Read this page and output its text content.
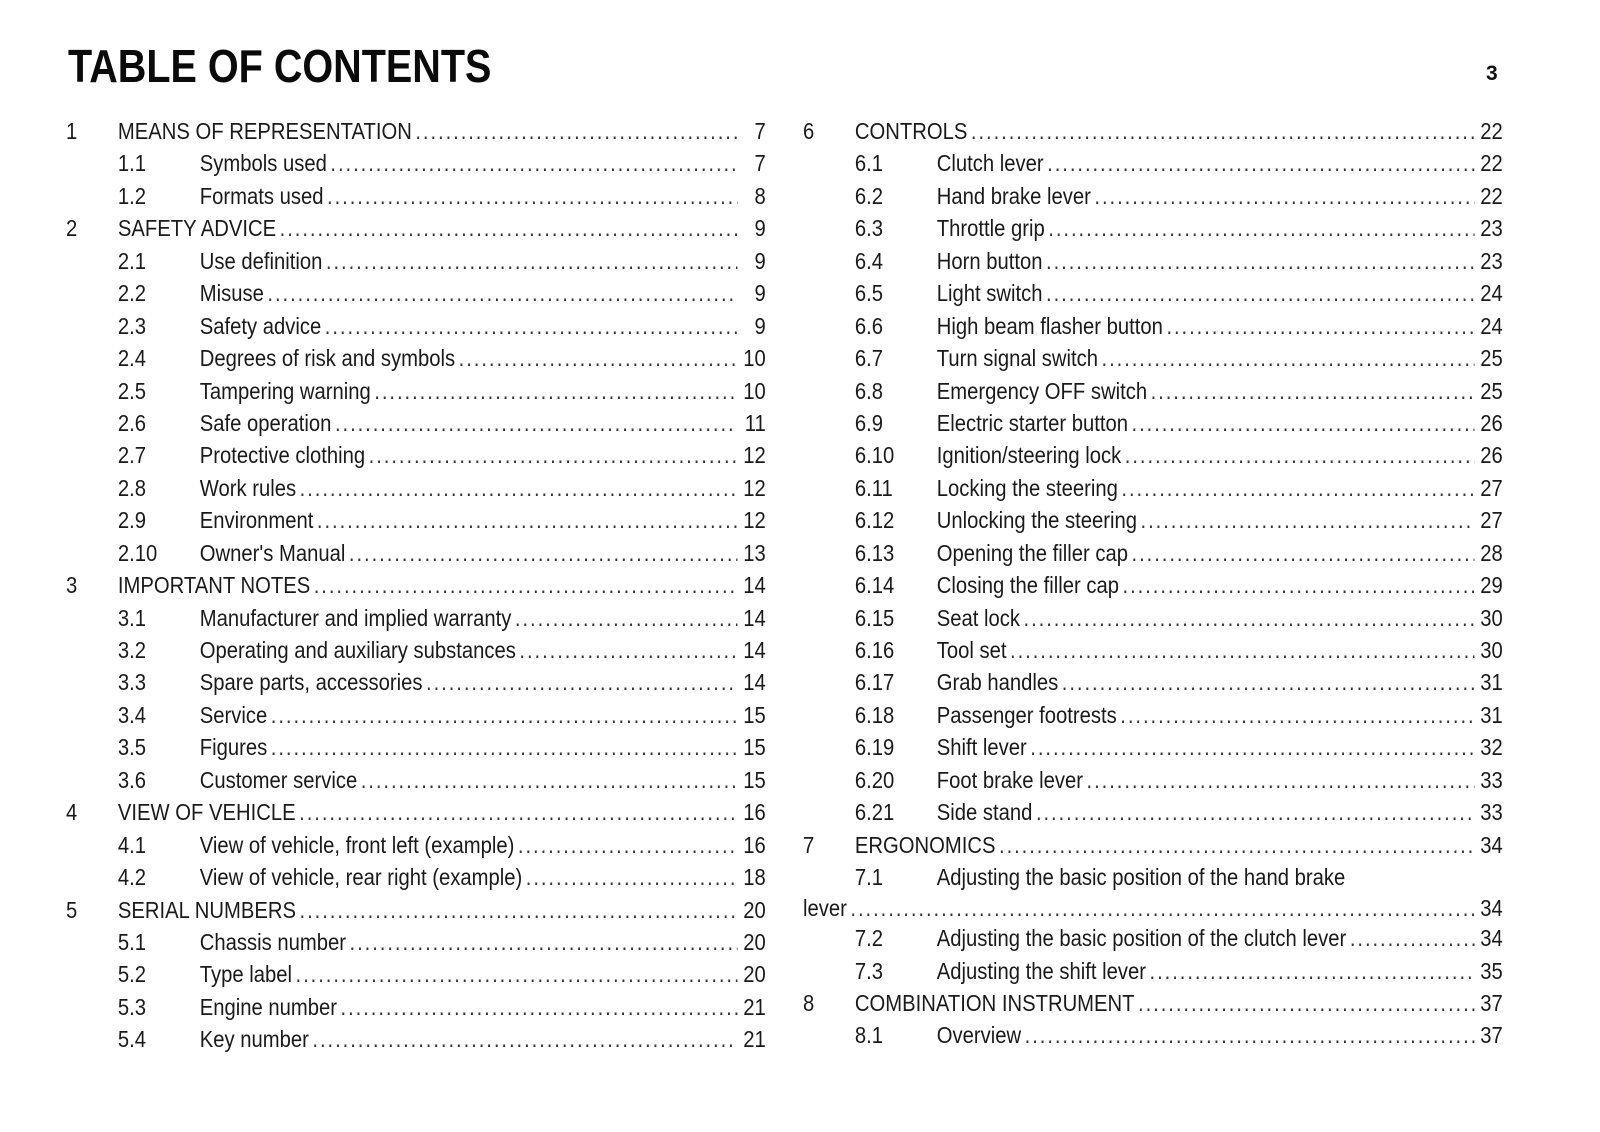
TABLE OF CONTENTS	3
1	MEANS OF REPRESENTATION .....	7
1.1	Symbols used .....	7
1.2	Formats used .....	8
2	SAFETY ADVICE .....	9
2.1	Use definition .....	9
2.2	Misuse .....	9
2.3	Safety advice .....	9
2.4	Degrees of risk and symbols .....	10
2.5	Tampering warning .....	10
2.6	Safe operation .....	11
2.7	Protective clothing .....	12
2.8	Work rules .....	12
2.9	Environment .....	12
2.10	Owner's Manual .....	13
3	IMPORTANT NOTES .....	14
3.1	Manufacturer and implied warranty .....	14
3.2	Operating and auxiliary substances .....	14
3.3	Spare parts, accessories .....	14
3.4	Service .....	15
3.5	Figures .....	15
3.6	Customer service .....	15
4	VIEW OF VEHICLE .....	16
4.1	View of vehicle, front left (example) .....	16
4.2	View of vehicle, rear right (example) .....	18
5	SERIAL NUMBERS .....	20
5.1	Chassis number .....	20
5.2	Type label .....	20
5.3	Engine number .....	21
5.4	Key number .....	21
6	CONTROLS .....	22
6.1	Clutch lever .....	22
6.2	Hand brake lever .....	22
6.3	Throttle grip .....	23
6.4	Horn button .....	23
6.5	Light switch .....	24
6.6	High beam flasher button .....	24
6.7	Turn signal switch .....	25
6.8	Emergency OFF switch .....	25
6.9	Electric starter button .....	26
6.10	Ignition/steering lock .....	26
6.11	Locking the steering .....	27
6.12	Unlocking the steering .....	27
6.13	Opening the filler cap .....	28
6.14	Closing the filler cap .....	29
6.15	Seat lock .....	30
6.16	Tool set .....	30
6.17	Grab handles .....	31
6.18	Passenger footrests .....	31
6.19	Shift lever .....	32
6.20	Foot brake lever .....	33
6.21	Side stand .....	33
7	ERGONOMICS .....	34
7.1	Adjusting the basic position of the hand brake
lever .....	34
7.2	Adjusting the basic position of the clutch lever .....	34
7.3	Adjusting the shift lever .....	35
8	COMBINATION INSTRUMENT .....	37
8.1	Overview .....	37
